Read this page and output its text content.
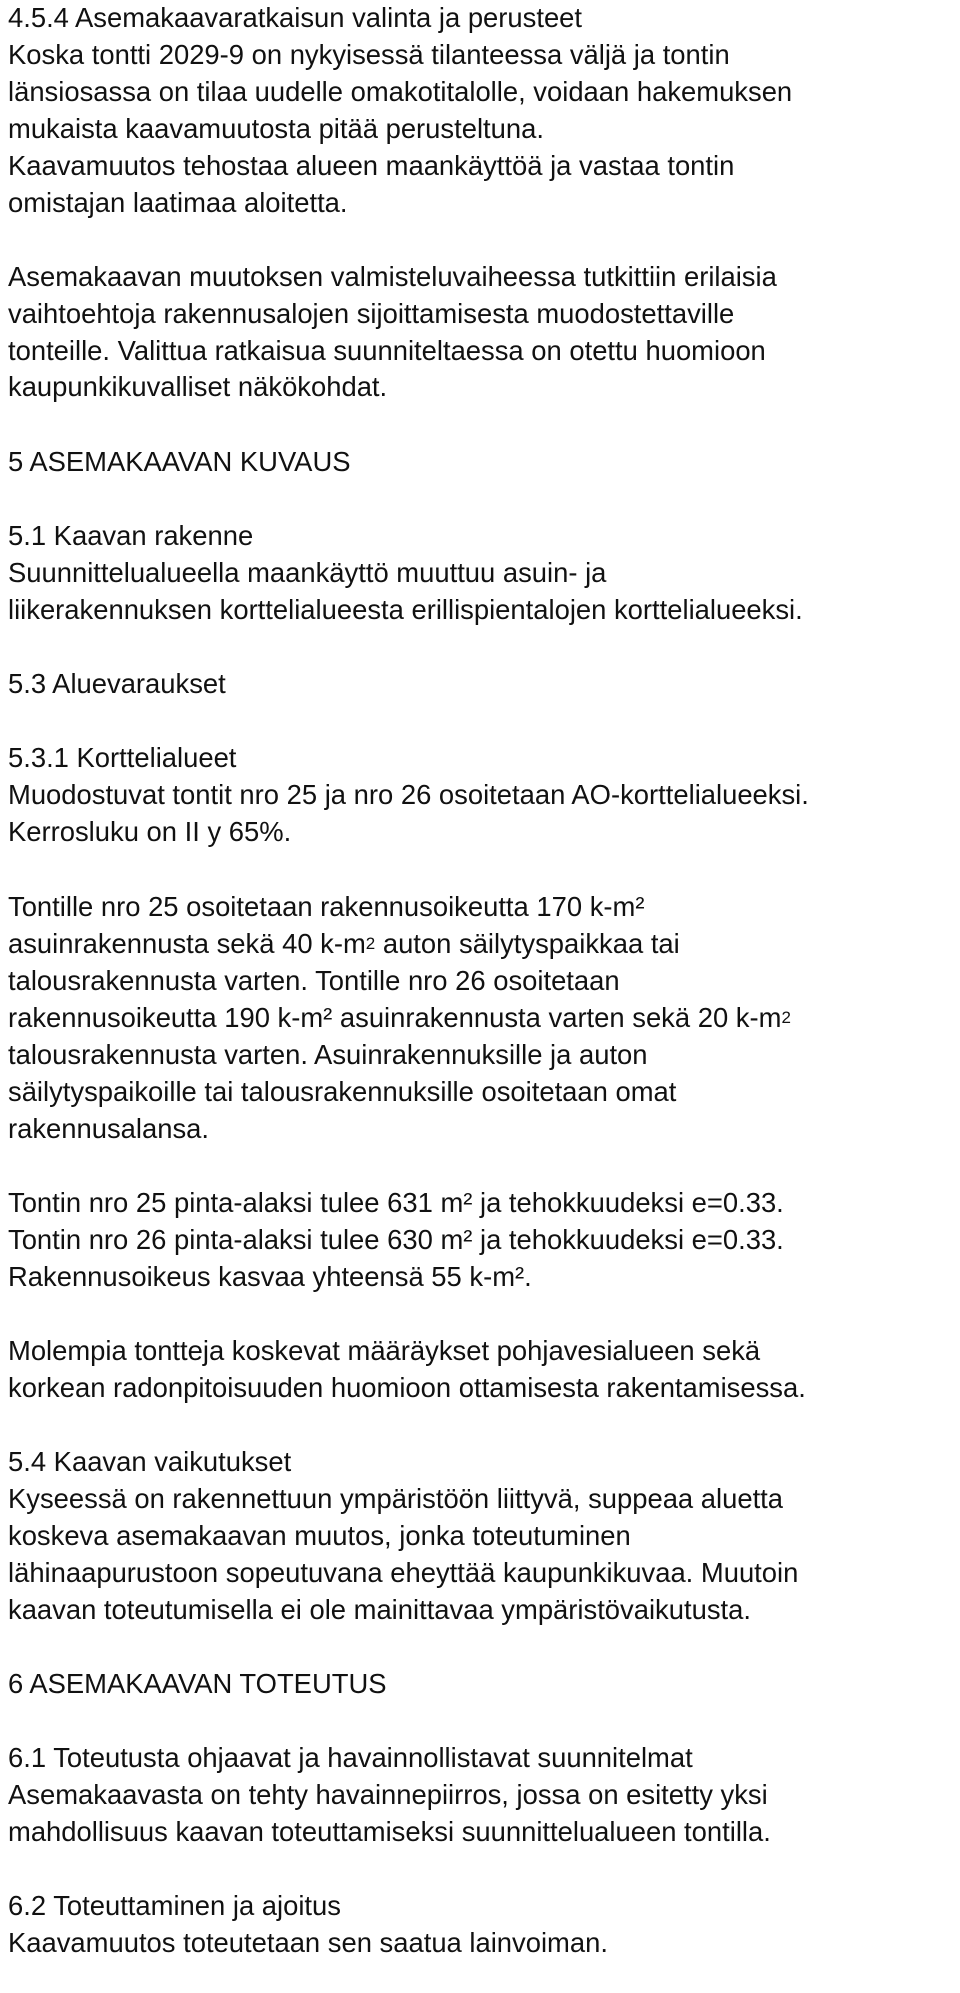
4.5.4 Asemakaavaratkaisun valinta ja perusteet

Koska tontti 2029-9 on nykyisessä tilanteessa väljä ja tontin

länsiosassa on tilaa uudelle omakotitalolle, voidaan hakemuksen

mukaista kaavamuutosta pitää perusteltuna.

Kaavamuutos tehostaa alueen maankäyttöä ja vastaa tontin

omistajan laatimaa aloitetta.

Asemakaavan muutoksen valmisteluvaiheessa tutkittiin erilaisia

vaihtoehtoja rakennusalojen sijoittamisesta muodostettaville

tonteille. Valittua ratkaisua suunniteltaessa on otettu huomioon

kaupunkikuvalliset näkökohdat.

5 ASEMAKAAVAN KUVAUS

5.1 Kaavan rakenne

Suunnittelualueella maankäyttö muuttuu asuin- ja

liikerakennuksen korttelialueesta erillispientalojen korttelialueeksi.

5.3 Aluevaraukset

5.3.1 Korttelialueet

Muodostuvat tontit nro 25 ja nro 26 osoitetaan AO-korttelialueeksi.

Kerrosluku on II y 65%.

Tontille nro 25 osoitetaan rakennusoikeutta 170 k-m²

asuinrakennusta sekä 40 $k-m^2$ auton säilytyspaikkaa tai

talousrakennusta varten. Tontille nro 26 osoitetaan

rakennusoikeutta 190 k-m² asuinrakennusta varten sekä 20 $k-m^2$

talousrakennusta varten. Asuinrakennuksille ja auton

säilytyspaikoille tai talousrakennuksille osoitetaan omat

rakennusalansa.

Tontin nro 25 pinta-alaksi tulee 631 m² ja tehokkuudeksi e=0.33.

Tontin nro 26 pinta-alaksi tulee 630 m² ja tehokkuudeksi e=0.33.

Rakennusoikeus kasvaa yhteensä 55 k-m².

Molempia tontteja koskevat määräykset pohjavesialueen sekä

korkean radonpitoisuuden huomioon ottamisesta rakentamisessa.

5.4 Kaavan vaikutukset

Kyseessä on rakennettuun ympäristöön liittyvä, suppeaa aluetta

koskeva asemakaavan muutos, jonka toteutuminen

lähinaapurustoon sopeutuvana eheyttää kaupunkikuvaa. Muutoin

kaavan toteutumisella ei ole mainittavaa ympäristövaikutusta.

6 ASEMAKAAVAN TOTEUTUS

6.1 Toteutusta ohjaavat ja havainnollistavat suunnitelmat

Asemakaavasta on tehty havainnepiirros, jossa on esitetty yksi

mahdollisuus kaavan toteuttamiseksi suunnittelualueen tontilla.

6.2 Toteuttaminen ja ajoitus

Kaavamuutos toteutetaan sen saatua lainvoiman.
